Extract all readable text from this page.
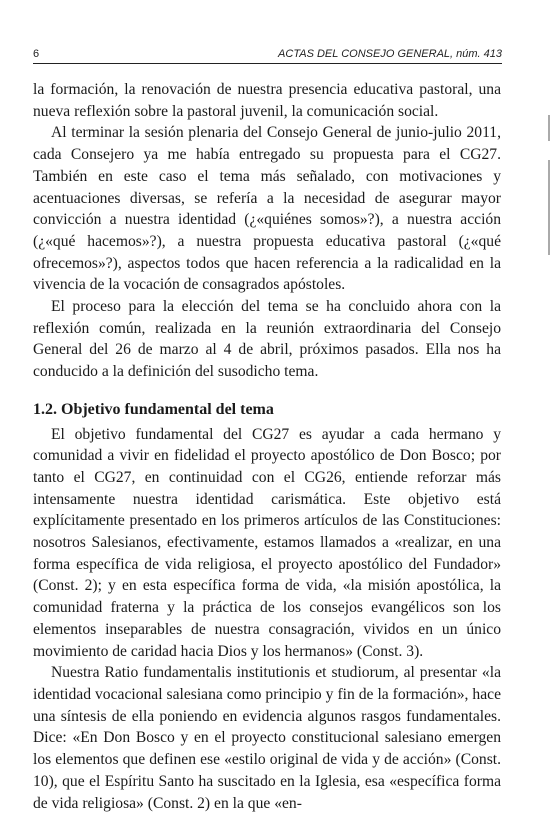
6	ACTAS DEL CONSEJO GENERAL, núm. 413

la formación, la renovación de nuestra presencia educativa pastoral, una nueva reflexión sobre la pastoral juvenil, la comunicación social.

Al terminar la sesión plenaria del Consejo General de junio-julio 2011, cada Consejero ya me había entregado su propuesta para el CG27. También en este caso el tema más señalado, con motivaciones y acentuaciones diversas, se refería a la necesidad de asegurar mayor convicción a nuestra identidad (¿«quiénes somos»?), a nuestra acción (¿«qué hacemos»?), a nuestra propuesta educativa pastoral (¿«qué ofrecemos»?), aspectos todos que hacen referencia a la radicalidad en la vivencia de la vocación de consagrados apóstoles.

El proceso para la elección del tema se ha concluido ahora con la reflexión común, realizada en la reunión extraordinaria del Consejo General del 26 de marzo al 4 de abril, próximos pasados. Ella nos ha conducido a la definición del susodicho tema.

1.2. Objetivo fundamental del tema

El objetivo fundamental del CG27 es ayudar a cada hermano y comunidad a vivir en fidelidad el proyecto apostólico de Don Bosco; por tanto el CG27, en continuidad con el CG26, entiende reforzar más intensamente nuestra identidad carismática. Este objetivo está explícitamente presentado en los primeros artículos de las Constituciones: nosotros Salesianos, efectivamente, estamos llamados a «realizar, en una forma específica de vida religiosa, el proyecto apostólico del Fundador» (Const. 2); y en esta específica forma de vida, «la misión apostólica, la comunidad fraterna y la práctica de los consejos evangélicos son los elementos inseparables de nuestra consagración, vividos en un único movimiento de caridad hacia Dios y los hermanos» (Const. 3).

Nuestra Ratio fundamentalis institutionis et studiorum, al presentar «la identidad vocacional salesiana como principio y fin de la formación», hace una síntesis de ella poniendo en evidencia algunos rasgos fundamentales. Dice: «En Don Bosco y en el proyecto constitucional salesiano emergen los elementos que definen ese «estilo original de vida y de acción» (Const. 10), que el Espíritu Santo ha suscitado en la Iglesia, esa «específica forma de vida religiosa» (Const. 2) en la que «en-
